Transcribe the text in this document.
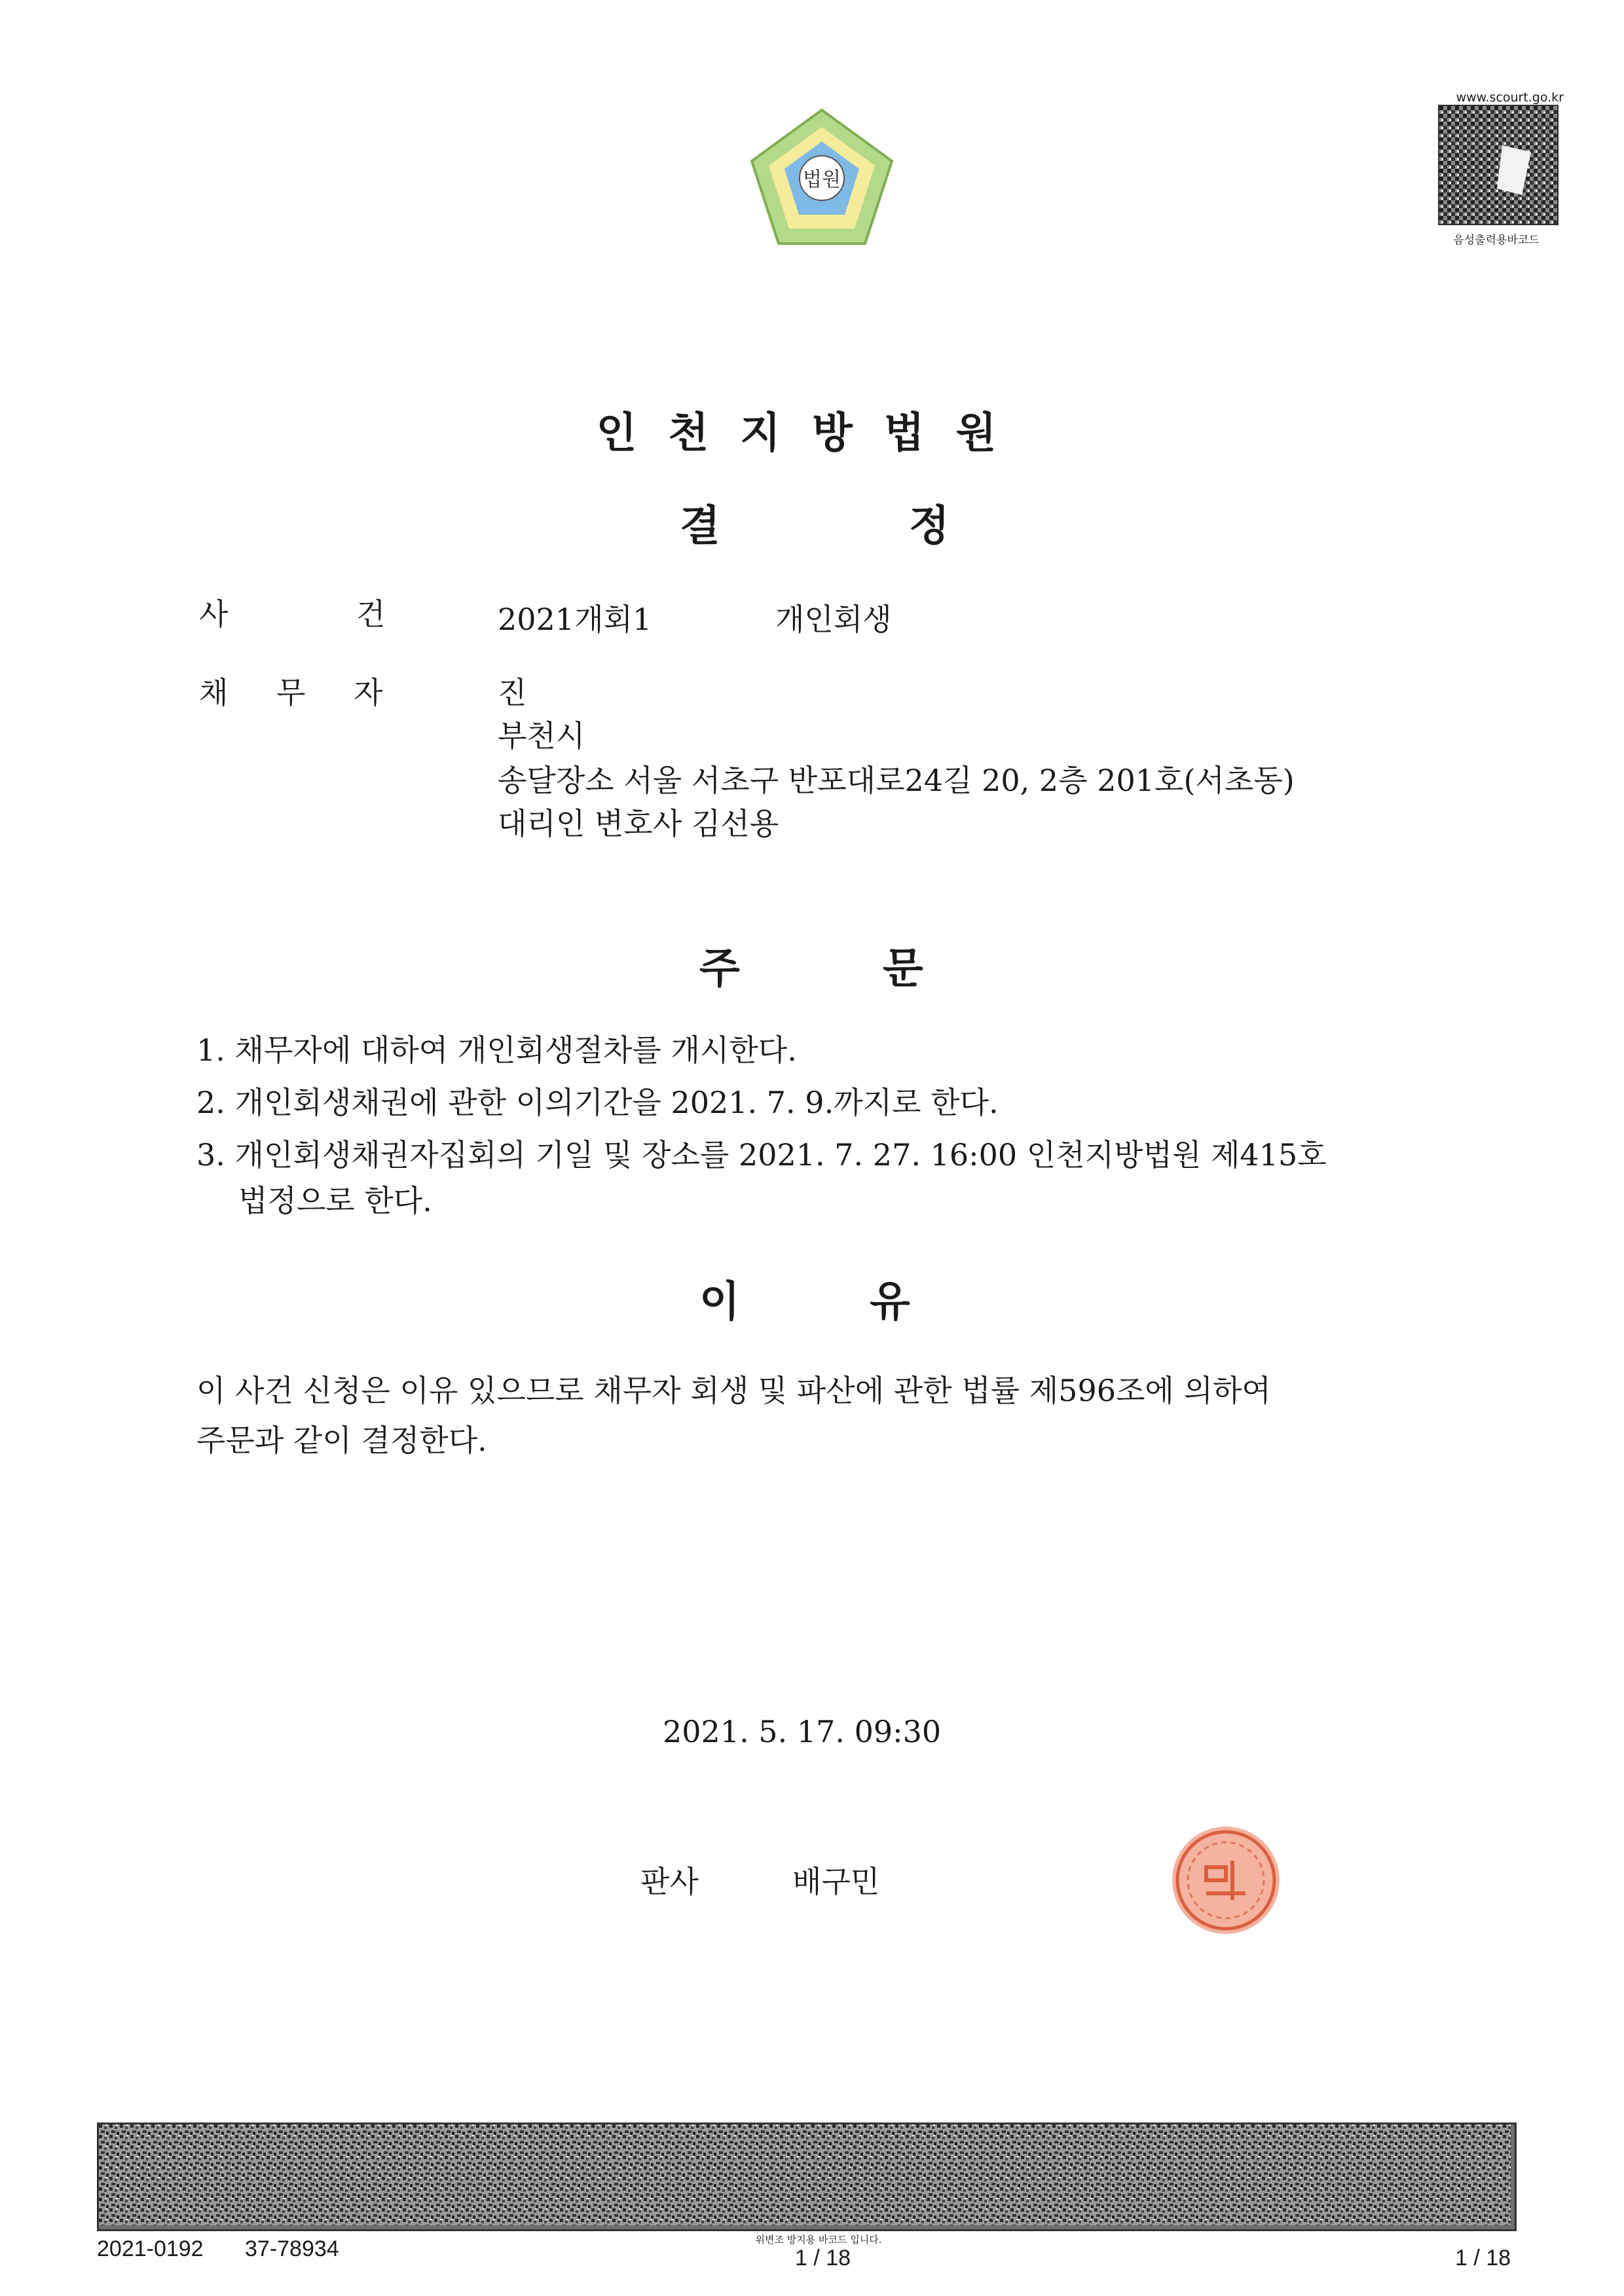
법원
www.scourt.go.kr
음성출력용바코드
인천지방법원
결	정
사	건	2021개회1	개인회생
채 무 자	진
부천시
송달장소 서울 서초구 반포대로24길 20, 2층 201호(서초동)
대리인 변호사 김선용
주	문
1. 채무자에 대하여 개인회생절차를 개시한다.
2. 개인회생채권에 관한 이의기간을 2021. 7. 9.까지로 한다.
3. 개인회생채권자집회의 기일 및 장소를 2021. 7. 27. 16:00 인천지방법원 제415호
법정으로 한다.
이	유
이 사건 신청은 이유 있으므로 채무자 회생 및 파산에 관한 법률 제596조에 의하여
주문과 같이 결정한다.
2021. 5. 17. 09:30
판사	배구민
2021-0192 37-78934	위변조 방지용 바코드 입니다.
1 / 18	1 / 18
